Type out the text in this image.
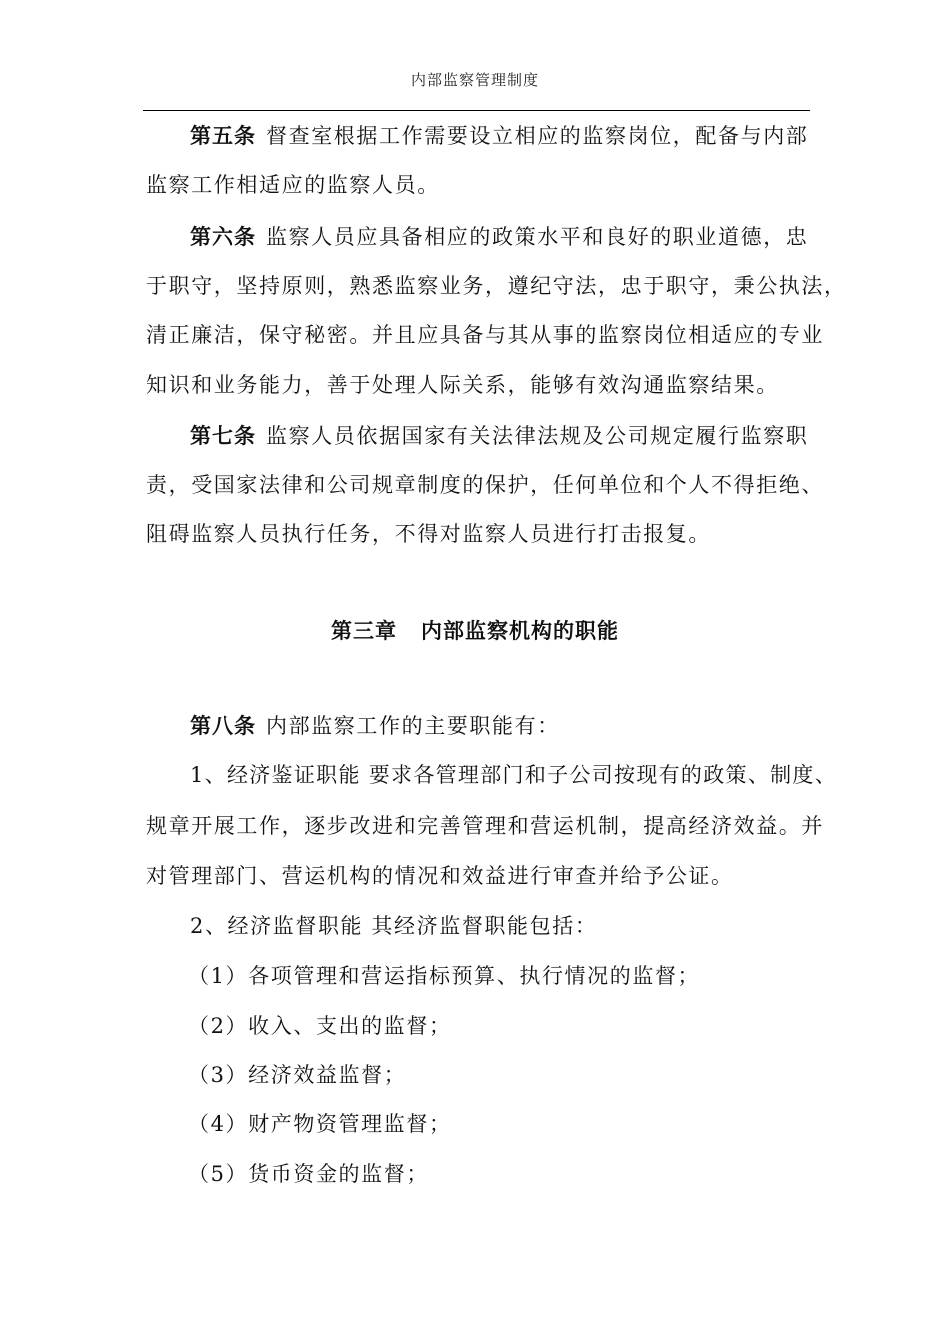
内部监察管理制度
第五条 督查室根据工作需要设立相应的监察岗位，配备与内部
监察工作相适应的监察人员。
第六条 监察人员应具备相应的政策水平和良好的职业道德，忠
于职守，坚持原则，熟悉监察业务，遵纪守法，忠于职守，秉公执法，
清正廉洁，保守秘密。并且应具备与其从事的监察岗位相适应的专业
知识和业务能力，善于处理人际关系，能够有效沟通监察结果。
第七条 监察人员依据国家有关法律法规及公司规定履行监察职
责，受国家法律和公司规章制度的保护，任何单位和个人不得拒绝、
阻碍监察人员执行任务，不得对监察人员进行打击报复。
第三章 内部监察机构的职能
第八条 内部监察工作的主要职能有：
1、经济鉴证职能 要求各管理部门和子公司按现有的政策、制度、
规章开展工作，逐步改进和完善管理和营运机制，提高经济效益。并
对管理部门、营运机构的情况和效益进行审查并给予公证。
2、经济监督职能 其经济监督职能包括：
（1）各项管理和营运指标预算、执行情况的监督；
（2）收入、支出的监督；
（3）经济效益监督；
（4）财产物资管理监督；
（5）货币资金的监督；
